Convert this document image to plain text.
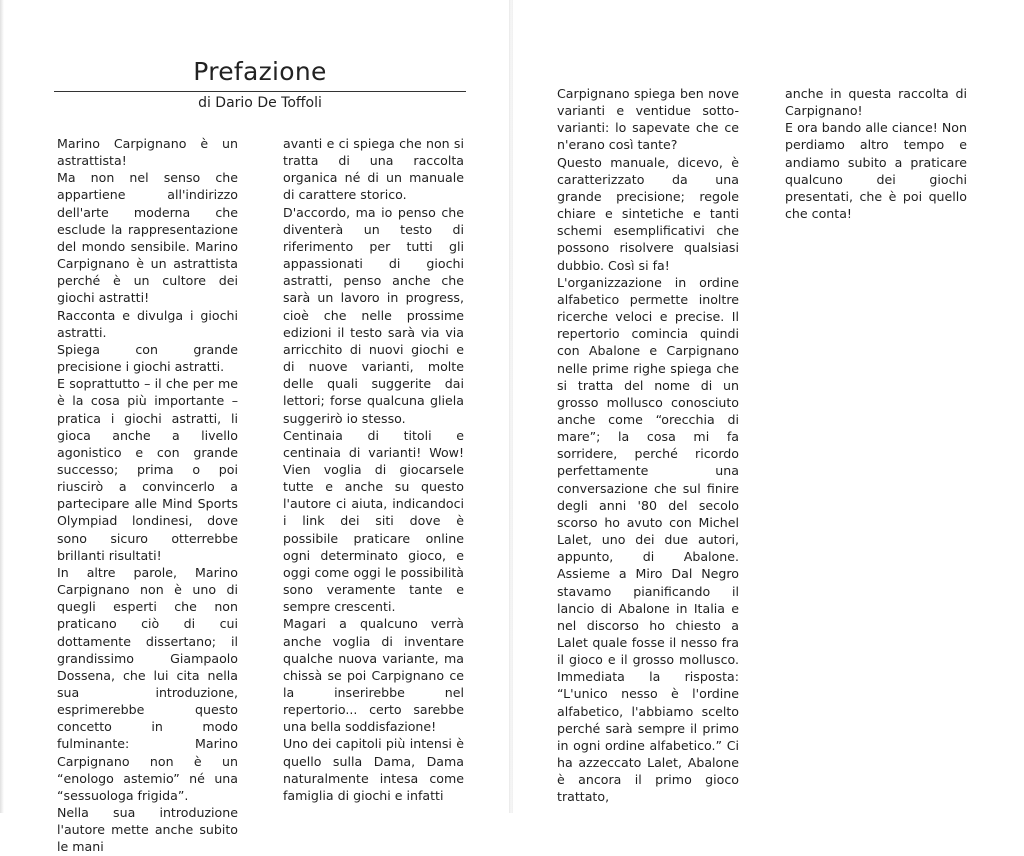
Prefazione
di Dario De Toffoli

Marino Carpignano è un astrattista!

Ma non nel senso che appartiene all'indirizzo dell'arte moderna che esclude la rappresentazione del mondo sensibile. Marino Carpignano è un astrattista perché è un cultore dei giochi astratti!

Racconta e divulga i giochi astratti.

Spiega con grande precisione i giochi astratti.

E soprattutto – il che per me è la cosa più importante – pratica i giochi astratti, li gioca anche a livello agonistico e con grande successo; prima o poi riuscirò a convincerlo a partecipare alle Mind Sports Olympiad londinesi, dove sono sicuro otterrebbe brillanti risultati!

In altre parole, Marino Carpignano non è uno di quegli esperti che non praticano ciò di cui dottamente dissertano; il grandissimo Giampaolo Dossena, che lui cita nella sua introduzione, esprimerebbe questo concetto in modo fulminante: Marino Carpignano non è un “enologo astemio” né una “sessuologa frigida”.

Nella sua introduzione l'autore mette anche subito le mani

avanti e ci spiega che non si tratta di una raccolta organica né di un manuale di carattere storico.

D'accordo, ma io penso che diventerà un testo di riferimento per tutti gli appassionati di giochi astratti, penso anche che sarà un lavoro in progress, cioè che nelle prossime edizioni il testo sarà via via arricchito di nuovi giochi e di nuove varianti, molte delle quali suggerite dai lettori; forse qualcuna gliela suggerirò io stesso.

Centinaia di titoli e centinaia di varianti! Wow! Vien voglia di giocarsele tutte e anche su questo l'autore ci aiuta, indicandoci i link dei siti dove è possibile praticare online ogni determinato gioco, e oggi come oggi le possibilità sono veramente tante e sempre crescenti.

Magari a qualcuno verrà anche voglia di inventare qualche nuova variante, ma chissà se poi Carpignano ce la inserirebbe nel repertorio... certo sarebbe una bella soddisfazione!

Uno dei capitoli più intensi è quello sulla Dama, Dama naturalmente intesa come famiglia di giochi e infatti

Carpignano spiega ben nove varianti e ventidue sotto-varianti: lo sapevate che ce n'erano così tante?

Questo manuale, dicevo, è caratterizzato da una grande precisione; regole chiare e sintetiche e tanti schemi esemplificativi che possono risolvere qualsiasi dubbio. Così si fa!

L'organizzazione in ordine alfabetico permette inoltre ricerche veloci e precise. Il repertorio comincia quindi con Abalone e Carpignano nelle prime righe spiega che si tratta del nome di un grosso mollusco conosciuto anche come “orecchia di mare”; la cosa mi fa sorridere, perché ricordo perfettamente una conversazione che sul finire degli anni '80 del secolo scorso ho avuto con Michel Lalet, uno dei due autori, appunto, di Abalone. Assieme a Miro Dal Negro stavamo pianificando il lancio di Abalone in Italia e nel discorso ho chiesto a Lalet quale fosse il nesso fra il gioco e il grosso mollusco. Immediata la risposta: “L'unico nesso è l'ordine alfabetico, l'abbiamo scelto perché sarà sempre il primo in ogni ordine alfabetico.” Ci ha azzeccato Lalet, Abalone è ancora il primo gioco trattato,

anche in questa raccolta di Carpignano!

E ora bando alle ciance! Non perdiamo altro tempo e andiamo subito a praticare qualcuno dei giochi presentati, che è poi quello che conta!
